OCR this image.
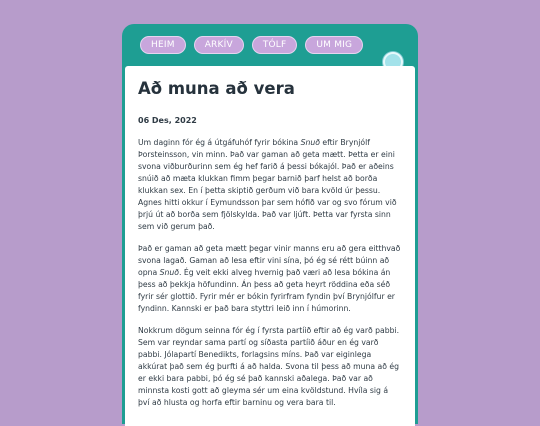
HEIM	ARKÍV	TÓLF	UM MIG
Að muna að vera
06 Des, 2022

Um daginn fór ég á útgáfuhóf fyrir bókina Snuð eftir Brynjólf Þorsteinsson, vin minn. Það var gaman að geta mætt. Þetta er eini svona viðburðurinn sem ég hef farið á þessi bókajól. Það er aðeins snúið að mæta klukkan fimm þegar barnið þarf helst að borða klukkan sex. En í þetta skiptið gerðum við bara kvöld úr þessu. Agnes hitti okkur í Eymundsson þar sem hófið var og svo fórum við þrjú út að borða sem fjölskylda. Það var ljúft. Þetta var fyrsta sinn sem við gerum það.

Það er gaman að geta mætt þegar vinir manns eru að gera eitthvað svona lagað. Gaman að lesa eftir vini sína, þó ég sé rétt búinn að opna Snuð. Ég veit ekki alveg hvernig það væri að lesa bókina án þess að þekkja höfundinn. Án þess að geta heyrt röddina eða séð fyrir sér glottið. Fyrir mér er bókin fyrirfram fyndin því Brynjólfur er fyndinn. Kannski er það bara styttri leið inn í húmorinn.

Nokkrum dögum seinna fór ég í fyrsta partíið eftir að ég varð pabbi. Sem var reyndar sama partí og síðasta partíið áður en ég varð pabbi. Jólapartí Benedikts, forlagsins míns. Það var eiginlega akkúrat það sem ég þurfti á að halda. Svona til þess að muna að ég er ekki bara pabbi, þó ég sé það kannski aðalega. Það var að minnsta kosti gott að gleyma sér um eina kvöldstund. Hvíla sig á því að hlusta og horfa eftir barninu og vera bara til.
